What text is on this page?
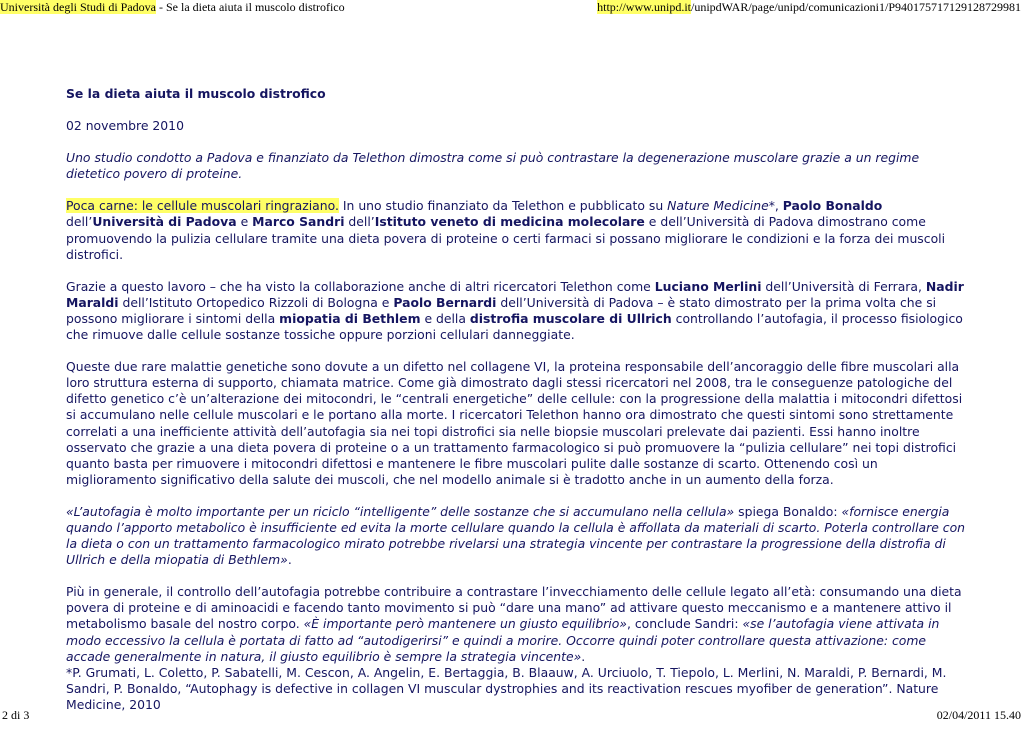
Università degli Studi di Padova - Se la dieta aiuta il muscolo distrofico	http://www.unipd.it/unipdWAR/page/unipd/comunicazioni1/P940175717129128729981

Se la dieta aiuta il muscolo distrofico

02 novembre 2010

Uno studio condotto a Padova e finanziato da Telethon dimostra come si può contrastare la degenerazione muscolare grazie a un regime dietetico povero di proteine.

Poca carne: le cellule muscolari ringraziano. In uno studio finanziato da Telethon e pubblicato su Nature Medicine*, Paolo Bonaldo dell’Università di Padova e Marco Sandri dell’Istituto veneto di medicina molecolare e dell’Università di Padova dimostrano come promuovendo la pulizia cellulare tramite una dieta povera di proteine o certi farmaci si possano migliorare le condizioni e la forza dei muscoli distrofici.

Grazie a questo lavoro – che ha visto la collaborazione anche di altri ricercatori Telethon come Luciano Merlini dell’Università di Ferrara, Nadir Maraldi dell’Istituto Ortopedico Rizzoli di Bologna e Paolo Bernardi dell’Università di Padova – è stato dimostrato per la prima volta che si possono migliorare i sintomi della miopatia di Bethlem e della distrofia muscolare di Ullrich controllando l’autofagia, il processo fisiologico che rimuove dalle cellule sostanze tossiche oppure porzioni cellulari danneggiate.

Queste due rare malattie genetiche sono dovute a un difetto nel collagene VI, la proteina responsabile dell’ancoraggio delle fibre muscolari alla loro struttura esterna di supporto, chiamata matrice. Come già dimostrato dagli stessi ricercatori nel 2008, tra le conseguenze patologiche del difetto genetico c’è un’alterazione dei mitocondri, le “centrali energetiche” delle cellule: con la progressione della malattia i mitocondri difettosi si accumulano nelle cellule muscolari e le portano alla morte. I ricercatori Telethon hanno ora dimostrato che questi sintomi sono strettamente correlati a una inefficiente attività dell’autofagia sia nei topi distrofici sia nelle biopsie muscolari prelevate dai pazienti. Essi hanno inoltre osservato che grazie a una dieta povera di proteine o a un trattamento farmacologico si può promuovere la “pulizia cellulare” nei topi distrofici quanto basta per rimuovere i mitocondri difettosi e mantenere le fibre muscolari pulite dalle sostanze di scarto. Ottenendo così un miglioramento significativo della salute dei muscoli, che nel modello animale si è tradotto anche in un aumento della forza.

«L’autofagia è molto importante per un riciclo “intelligente” delle sostanze che si accumulano nella cellula» spiega Bonaldo: «fornisce energia quando l’apporto metabolico è insufficiente ed evita la morte cellulare quando la cellula è affollata da materiali di scarto. Poterla controllare con la dieta o con un trattamento farmacologico mirato potrebbe rivelarsi una strategia vincente per contrastare la progressione della distrofia di Ullrich e della miopatia di Bethlem».

Più in generale, il controllo dell’autofagia potrebbe contribuire a contrastare l’invecchiamento delle cellule legato all’età: consumando una dieta povera di proteine e di aminoacidi e facendo tanto movimento si può “dare una mano” ad attivare questo meccanismo e a mantenere attivo il metabolismo basale del nostro corpo. «È importante però mantenere un giusto equilibrio», conclude Sandri: «se l’autofagia viene attivata in modo eccessivo la cellula è portata di fatto ad “autodigerirsi” e quindi a morire. Occorre quindi poter controllare questa attivazione: come accade generalmente in natura, il giusto equilibrio è sempre la strategia vincente».

*P. Grumati, L. Coletto, P. Sabatelli, M. Cescon, A. Angelin, E. Bertaggia, B. Blaauw, A. Urciuolo, T. Tiepolo, L. Merlini, N. Maraldi, P. Bernardi, M. Sandri, P. Bonaldo, “Autophagy is defective in collagen VI muscular dystrophies and its reactivation rescues myofiber de generation”. Nature Medicine, 2010

2 di 3	02/04/2011 15.40
